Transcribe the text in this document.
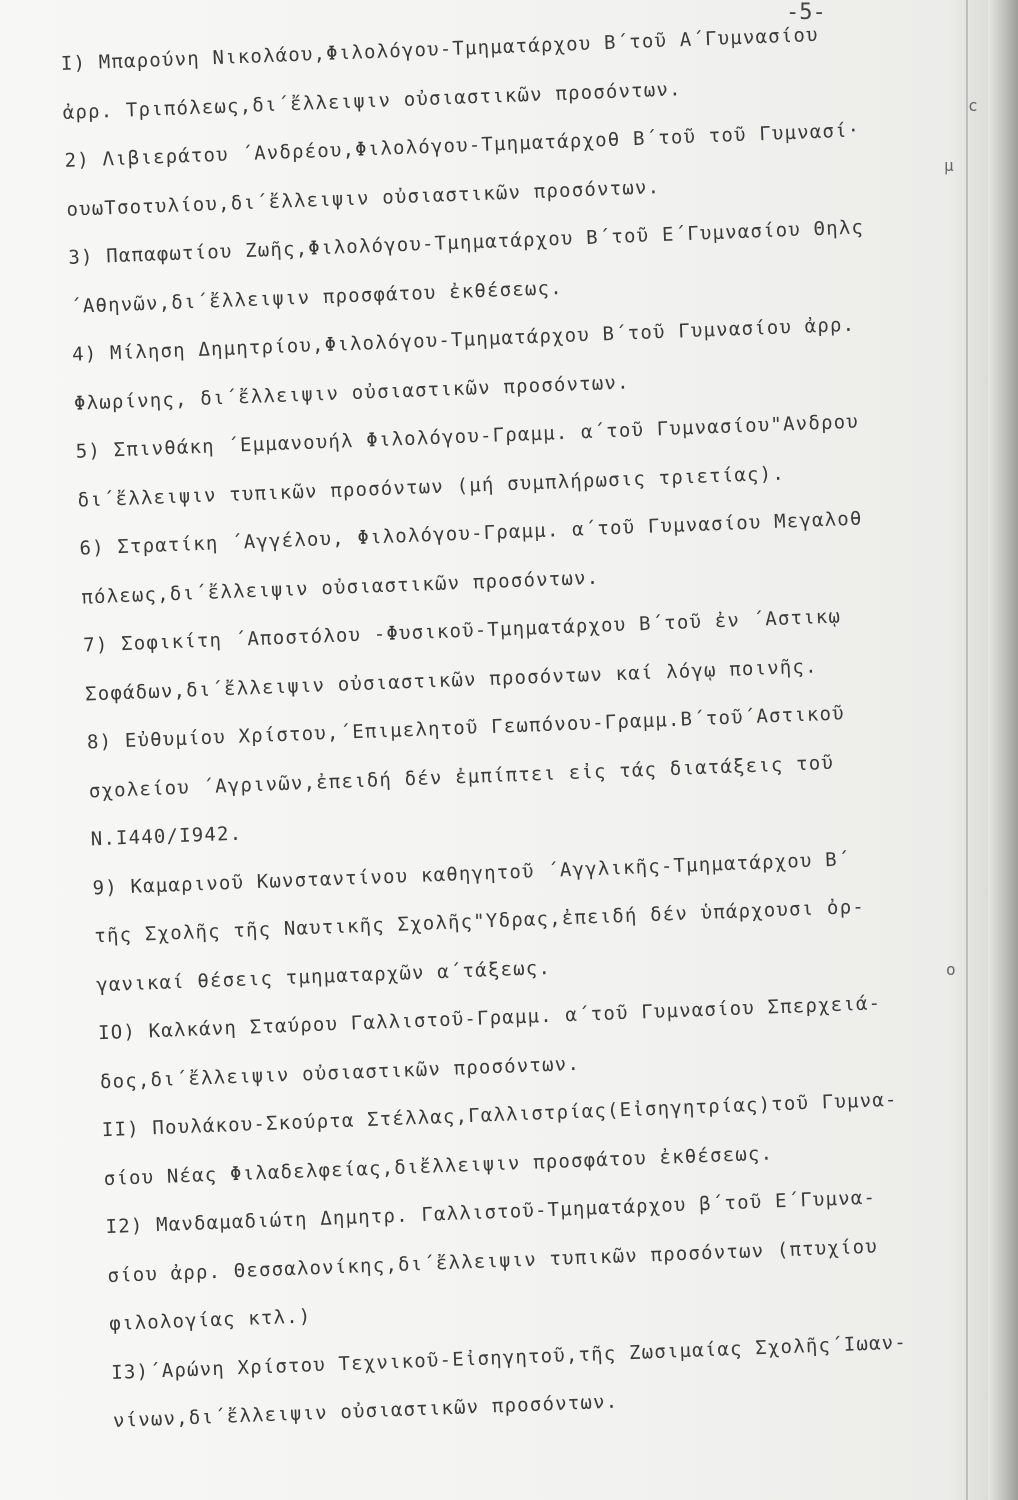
-5-
c
μ
o
I) Μπαρούνη Νικολάου,Φιλολόγου-Τμηματάρχου Β΄τοῦ Α΄Γυμνασίου
ἀρρ. Τριπόλεως,δι΄ἔλλειψιν οὐσιαστικῶν προσόντων.
2) Λιβιεράτου ΄Ανδρέου,Φιλολόγου-Τμηματάρχοθ Β΄τοῦ τοῦ Γυμνασί·
ουωΤσοτυλίου,δι΄ἔλλειψιν οὐσιαστικῶν προσόντων.
3) Παπαφωτίου Ζωῆς,Φιλολόγου-Τμηματάρχου Β΄τοῦ Ε΄Γυμνασίου Θηλς
΄Αθηνῶν,δι΄ἔλλειψιν προσφάτου ἐκθέσεως.
4) Μίληση Δημητρίου,Φιλολόγου-Τμηματάρχου Β΄τοῦ Γυμνασίου ἀρρ.
Φλωρίνης, δι΄ἔλλειψιν οὐσιαστικῶν προσόντων.
5) Σπινθάκη ΄Εμμανουήλ Φιλολόγου-Γραμμ. α΄τοῦ Γυμνασίου"Ανδρου
δι΄ἔλλειψιν τυπικῶν προσόντων (μή συμπλήρωσις τριετίας).
6) Στρατίκη ΄Αγγέλου, Φιλολόγου-Γραμμ. α΄τοῦ Γυμνασίου Μεγαλοθ
πόλεως,δι΄ἔλλειψιν οὐσιαστικῶν προσόντων.
7) Σοφικίτη ΄Αποστόλου -Φυσικοῦ-Τμηματάρχου Β΄τοῦ ἐν ΄Αστικῳ
Σοφάδων,δι΄ἔλλειψιν οὐσιαστικῶν προσόντων καί λόγῳ ποινῆς.
8) Εὐθυμίου Χρίστου,΄Επιμελητοῦ Γεωπόνου-Γραμμ.Β΄τοῦ΄Αστικοῦ
σχολείου ΄Αγρινῶν,ἐπειδή δέν ἐμπίπτει εἰς τάς διατάξεις τοῦ
Ν.Ι440/Ι942.
9) Καμαρινοῦ Κωνσταντίνου καθηγητοῦ ΄Αγγλικῆς-Τμηματάρχου Β΄
τῆς Σχολῆς τῆς Ναυτικῆς Σχολῆς"Υδρας,ἐπειδή δέν ὑπάρχουσι ὀρ-
γανικαί θέσεις τμηματαρχῶν α΄τάξεως.
ΙΟ) Καλκάνη Σταύρου Γαλλιστοῦ-Γραμμ. α΄τοῦ Γυμνασίου Σπερχειά-
δος,δι΄ἔλλειψιν οὐσιαστικῶν προσόντων.
ΙΙ) Πουλάκου-Σκούρτα Στέλλας,Γαλλιστρίας(Εἰσηγητρίας)τοῦ Γυμνα-
σίου Νέας Φιλαδελφείας,διἔλλειψιν προσφάτου ἐκθέσεως.
Ι2) Μανδαμαδιώτη Δημητρ. Γαλλιστοῦ-Τμηματάρχου β΄τοῦ Ε΄Γυμνα-
σίου ἀρρ. Θεσσαλονίκης,δι΄ἔλλειψιν τυπικῶν προσόντων (πτυχίου
φιλολογίας κτλ.)
Ι3)΄Αρώνη Χρίστου Τεχνικοῦ-Εἰσηγητοῦ,τῆς Ζωσιμαίας Σχολῆς΄Ιωαν-
νίνων,δι΄ἔλλειψιν οὐσιαστικῶν προσόντων.
